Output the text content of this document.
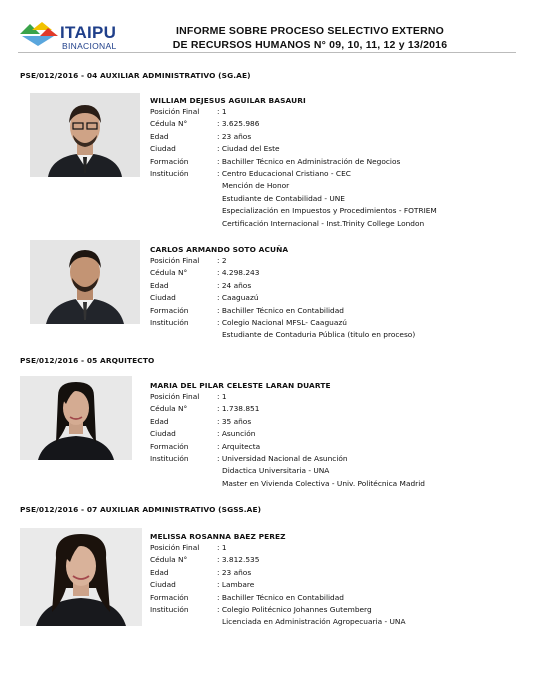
ITAIPU
BINACIONAL
INFORME SOBRE PROCESO SELECTIVO EXTERNO
DE RECURSOS HUMANOS N° 09, 10, 11, 12 y 13/2016
PSE/012/2016 - 04 AUXILIAR ADMINISTRATIVO (SG.AE)
WILLIAM DEJESUS AGUILAR BASAURI
Posición Final	: 1
Cédula N°	: 3.625.986
Edad	: 23 años
Ciudad	: Ciudad del Este
Formación	: Bachiller Técnico en Administración de Negocios
Institución	: Centro Educacional Cristiano - CEC
Mención de Honor
Estudiante de Contabilidad - UNE
Especialización en Impuestos y Procedimientos - FOTRIEM
Certificación Internacional - Inst.Trinity College London
CARLOS ARMANDO SOTO ACUÑA
Posición Final	: 2
Cédula N°	: 4.298.243
Edad	: 24 años
Ciudad	: Caaguazú
Formación	: Bachiller Técnico en Contabilidad
Institución	: Colegio Nacional MFSL- Caaguazú
Estudiante de Contaduria Pública (titulo en proceso)
PSE/012/2016 - 05 ARQUITECTO
MARIA DEL PILAR CELESTE LARAN DUARTE
Posición Final	: 1
Cédula N°	: 1.738.851
Edad	: 35 años
Ciudad	: Asunción
Formación	: Arquitecta
Institución	: Universidad Nacional de Asunción
Didactica Universitaria - UNA
Master en Vivienda Colectiva - Univ. Politécnica Madrid
PSE/012/2016 - 07 AUXILIAR ADMINISTRATIVO (SGSS.AE)
MELISSA ROSANNA BAEZ PEREZ
Posición Final	: 1
Cédula N°	: 3.812.535
Edad	: 23 años
Ciudad	: Lambare
Formación	: Bachiller Técnico en Contabilidad
Institución	: Colegio Politécnico Johannes Gutemberg
Licenciada en Administración Agropecuaria - UNA
